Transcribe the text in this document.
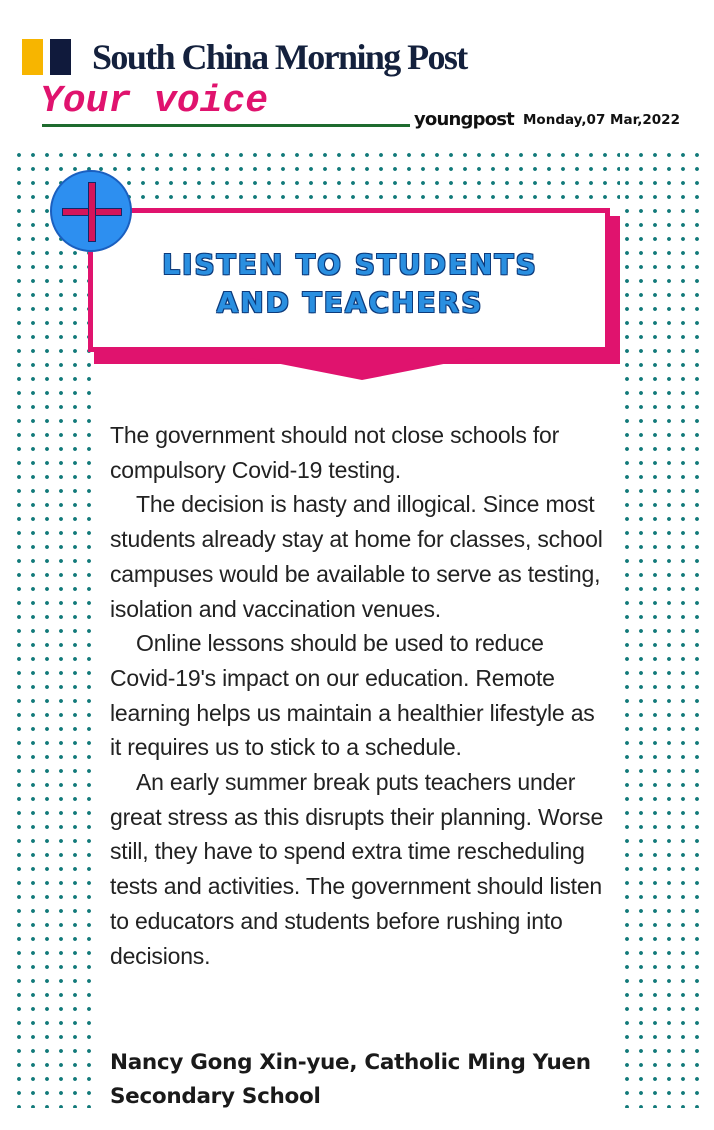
South China Morning Post
Your voice	youngpost Monday,07 Mar,2022
LISTEN TO STUDENTS
AND TEACHERS

The government should not close schools for compulsory Covid-19 testing.

The decision is hasty and illogical. Since most students already stay at home for classes, school campuses would be available to serve as testing, isolation and vaccination venues.

Online lessons should be used to reduce Covid-19's impact on our education. Remote learning helps us maintain a healthier lifestyle as it requires us to stick to a schedule.

An early summer break puts teachers under great stress as this disrupts their planning. Worse still, they have to spend extra time rescheduling tests and activities. The government should listen to educators and students before rushing into decisions.

Nancy Gong Xin-yue, Catholic Ming Yuen Secondary School
